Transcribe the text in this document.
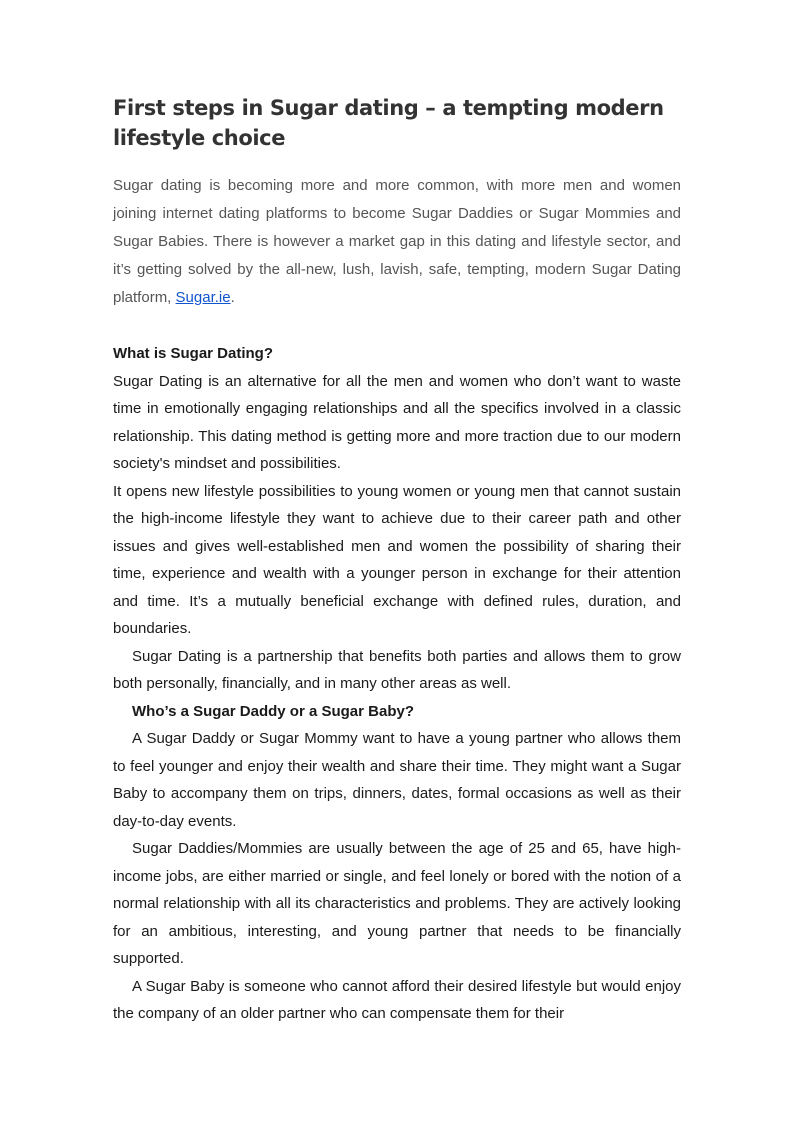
First steps in Sugar dating – a tempting modern lifestyle choice

Sugar dating is becoming more and more common, with more men and women joining internet dating platforms to become Sugar Daddies or Sugar Mommies and Sugar Babies. There is however a market gap in this dating and lifestyle sector, and it’s getting solved by the all-new, lush, lavish, safe, tempting, modern Sugar Dating platform, Sugar.ie.

What is Sugar Dating?

Sugar Dating is an alternative for all the men and women who don’t want to waste time in emotionally engaging relationships and all the specifics involved in a classic relationship. This dating method is getting more and more traction due to our modern society's mindset and possibilities.

It opens new lifestyle possibilities to young women or young men that cannot sustain the high-income lifestyle they want to achieve due to their career path and other issues and gives well-established men and women the possibility of sharing their time, experience and wealth with a younger person in exchange for their attention and time. It’s a mutually beneficial exchange with defined rules, duration, and boundaries.

Sugar Dating is a partnership that benefits both parties and allows them to grow both personally, financially, and in many other areas as well.

Who’s a Sugar Daddy or a Sugar Baby?

A Sugar Daddy or Sugar Mommy want to have a young partner who allows them to feel younger and enjoy their wealth and share their time. They might want a Sugar Baby to accompany them on trips, dinners, dates, formal occasions as well as their day-to-day events.

Sugar Daddies/Mommies are usually between the age of 25 and 65, have high-income jobs, are either married or single, and feel lonely or bored with the notion of a normal relationship with all its characteristics and problems. They are actively looking for an ambitious, interesting, and young partner that needs to be financially supported.

A Sugar Baby is someone who cannot afford their desired lifestyle but would enjoy the company of an older partner who can compensate them for their
